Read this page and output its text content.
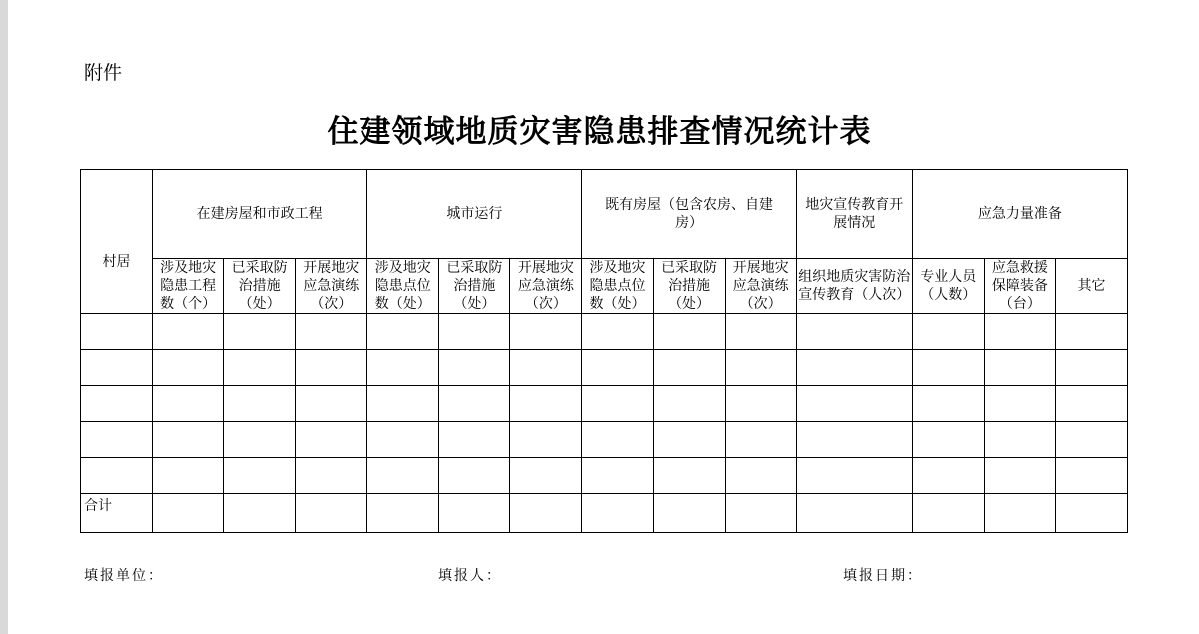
附件
住建领域地质灾害隐患排查情况统计表
村居	在建房屋和市政工程			城市运行			既有房屋（包含农房、自建房）			地灾宣传教育开展情况	应急力量准备		
	涉及地灾隐患工程数（个）	已采取防治措施（处）	开展地灾应急演练（次）	涉及地灾隐患点位数（处）	已采取防治措施（处）	开展地灾应急演练（次）	涉及地灾隐患点位数（处）	已采取防治措施（处）	开展地灾应急演练（次）	组织地质灾害防治宣传教育（人次）	专业人员（人数）	应急救援保障装备（台）	其它

合计													
填报单位：	填报人：	填报日期：
